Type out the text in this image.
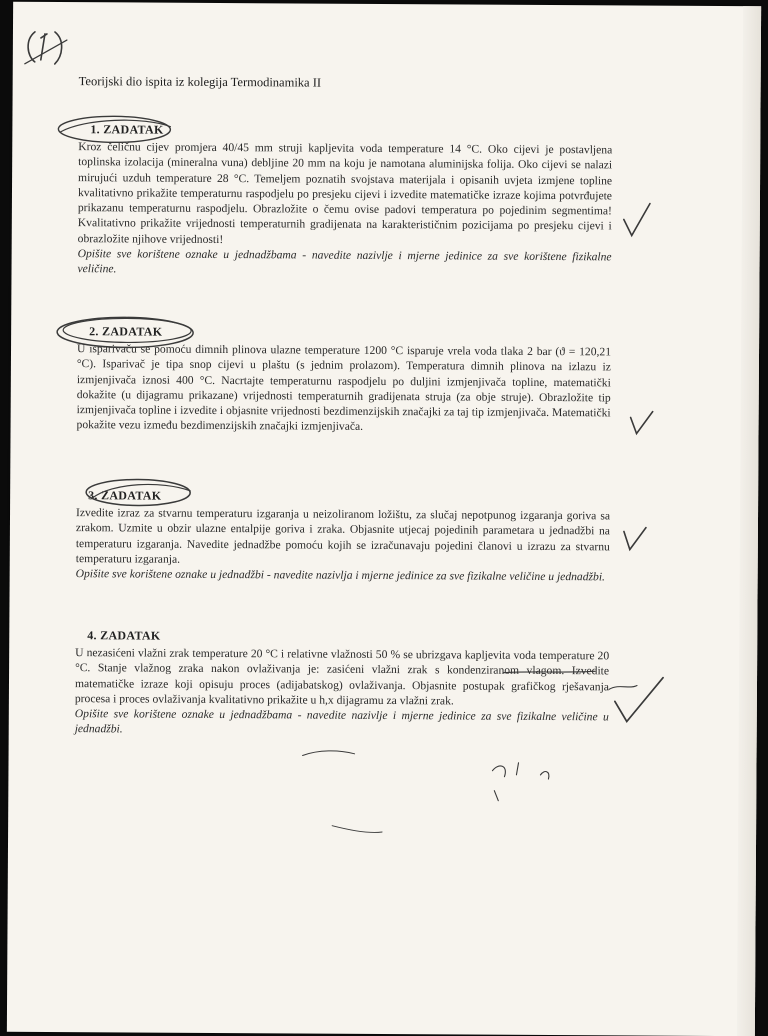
(1)
Teorijski dio ispita iz kolegija Termodinamika II
1. ZADATAK
Kroz čeličnu cijev promjera 40/45 mm struji kapljevita voda temperature 14 °C. Oko cijevi je postavljena toplinska izolacija (mineralna vuna) debljine 20 mm na koju je namotana aluminijska folija. Oko cijevi se nalazi mirujući uzduh temperature 28 °C. Temeljem poznatih svojstava materijala i opisanih uvjeta izmjene topline kvalitativno prikažite temperaturnu raspodjelu po presjeku cijevi i izvedite matematičke izraze kojima potvrđujete prikazanu temperaturnu raspodjelu. Obrazložite o čemu ovise padovi temperatura po pojedinim segmentima! Kvalitativno prikažite vrijednosti temperaturnih gradijenata na karakterističnim pozicijama po presjeku cijevi i obrazložite njihove vrijednosti!
Opišite sve korištene oznake u jednadžbama - navedite nazivlje i mjerne jedinice za sve korištene fizikalne veličine.
2. ZADATAK
U isparivaču se pomoću dimnih plinova ulazne temperature 1200 °C isparuje vrela voda tlaka 2 bar (ϑ = 120,21 °C). Isparivač je tipa snop cijevi u plaštu (s jednim prolazom). Temperatura dimnih plinova na izlazu iz izmjenjivača iznosi 400 °C. Nacrtajte temperaturnu raspodjelu po duljini izmjenjivača topline, matematički dokažite (u dijagramu prikazane) vrijednosti temperaturnih gradijenata struja (za obje struje). Obrazložite tip izmjenjivača topline i izvedite i objasnite vrijednosti bezdimenzijskih značajki za taj tip izmjenjivača. Matematički pokažite vezu između bezdimenzijskih značajki izmjenjivača.
3. ZADATAK
Izvedite izraz za stvarnu temperaturu izgaranja u neizoliranom ložištu, za slučaj nepotpunog izgaranja goriva sa zrakom. Uzmite u obzir ulazne entalpije goriva i zraka. Objasnite utjecaj pojedinih parametara u jednadžbi na temperaturu izgaranja. Navedite jednadžbe pomoću kojih se izračunavaju pojedini članovi u izrazu za stvarnu temperaturu izgaranja.
Opišite sve korištene oznake u jednadžbi - navedite nazivlja i mjerne jedinice za sve fizikalne veličine u jednadžbi.
4. ZADATAK
U nezasićeni vlažni zrak temperature 20 °C i relativne vlažnosti 50 % se ubrizgava kapljevita voda temperature 20 °C. Stanje vlažnog zraka nakon ovlaživanja je: zasićeni vlažni zrak s kondenziranom vlagom. Izvedite matematičke izraze koji opisuju proces (adijabatskog) ovlaživanja. Objasnite postupak grafičkog rješavanja procesa i proces ovlaživanja kvalitativno prikažite u h,x dijagramu za vlažni zrak.
Opišite sve korištene oznake u jednadžbama - navedite nazivlje i mjerne jedinice za sve fizikalne veličine u jednadžbi.
' , ,
